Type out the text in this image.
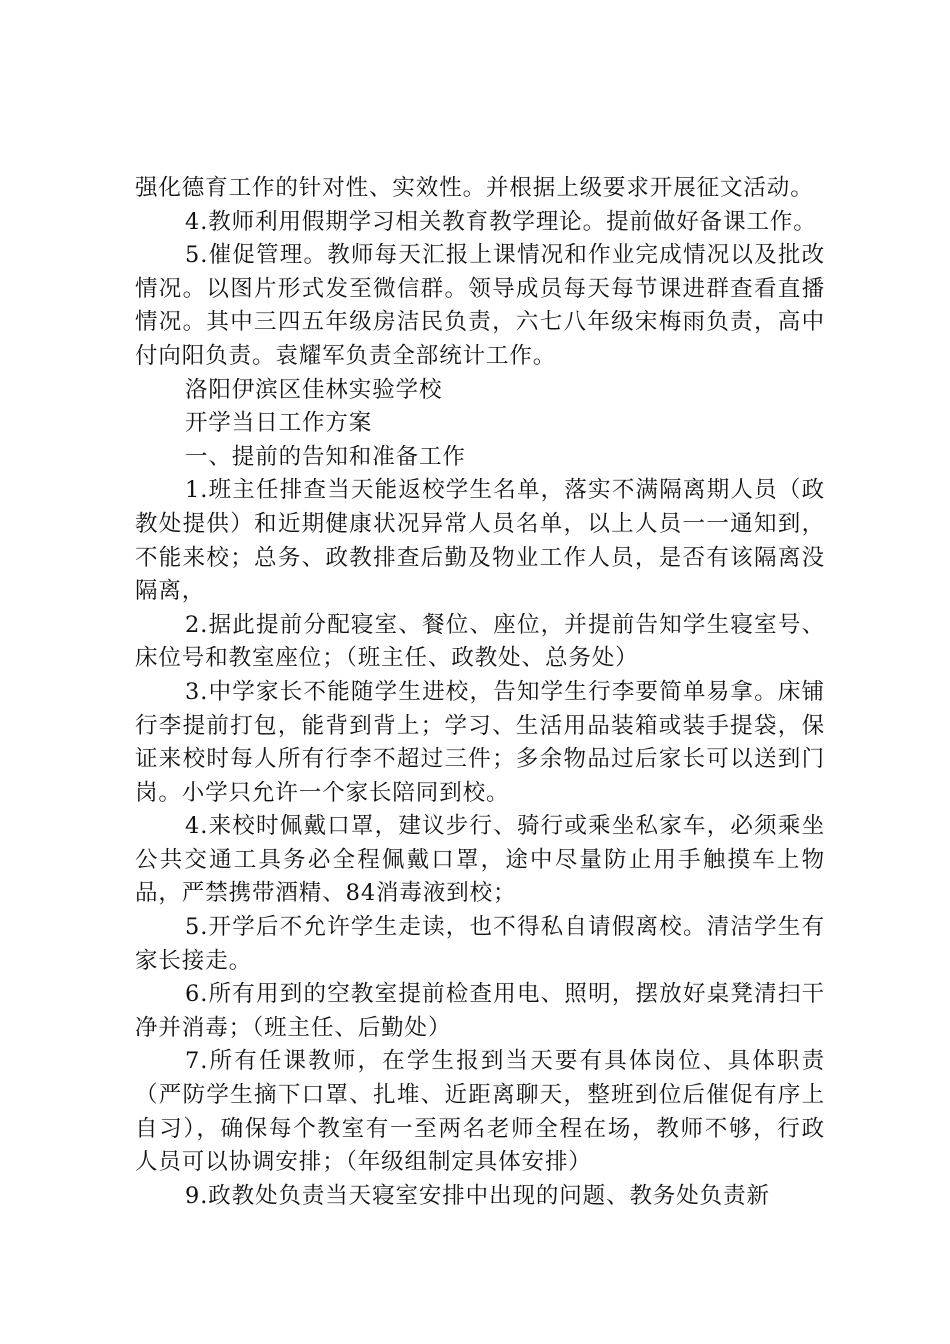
强化德育工作的针对性、实效性。并根据上级要求开展征文活动。

4.教师利用假期学习相关教育教学理论。提前做好备课工作。

5.催促管理。教师每天汇报上课情况和作业完成情况以及批改情况。以图片形式发至微信群。领导成员每天每节课进群查看直播情况。其中三四五年级房洁民负责，六七八年级宋梅雨负责，高中付向阳负责。袁耀军负责全部统计工作。

洛阳伊滨区佳林实验学校

开学当日工作方案

一、提前的告知和准备工作

1.班主任排查当天能返校学生名单，落实不满隔离期人员（政教处提供）和近期健康状况异常人员名单，以上人员一一通知到，不能来校；总务、政教排查后勤及物业工作人员，是否有该隔离没隔离，

2.据此提前分配寝室、餐位、座位，并提前告知学生寝室号、床位号和教室座位；（班主任、政教处、总务处）

3.中学家长不能随学生进校，告知学生行李要简单易拿。床铺行李提前打包，能背到背上；学习、生活用品装箱或装手提袋，保证来校时每人所有行李不超过三件；多余物品过后家长可以送到门岗。小学只允许一个家长陪同到校。

4.来校时佩戴口罩，建议步行、骑行或乘坐私家车，必须乘坐公共交通工具务必全程佩戴口罩，途中尽量防止用手触摸车上物品，严禁携带酒精、84消毒液到校；

5.开学后不允许学生走读，也不得私自请假离校。清洁学生有家长接走。

6.所有用到的空教室提前检查用电、照明，摆放好桌凳清扫干净并消毒；（班主任、后勤处）

7.所有任课教师，在学生报到当天要有具体岗位、具体职责（严防学生摘下口罩、扎堆、近距离聊天，整班到位后催促有序上自习），确保每个教室有一至两名老师全程在场，教师不够，行政人员可以协调安排；（年级组制定具体安排）

9.政教处负责当天寝室安排中出现的问题、教务处负责新
